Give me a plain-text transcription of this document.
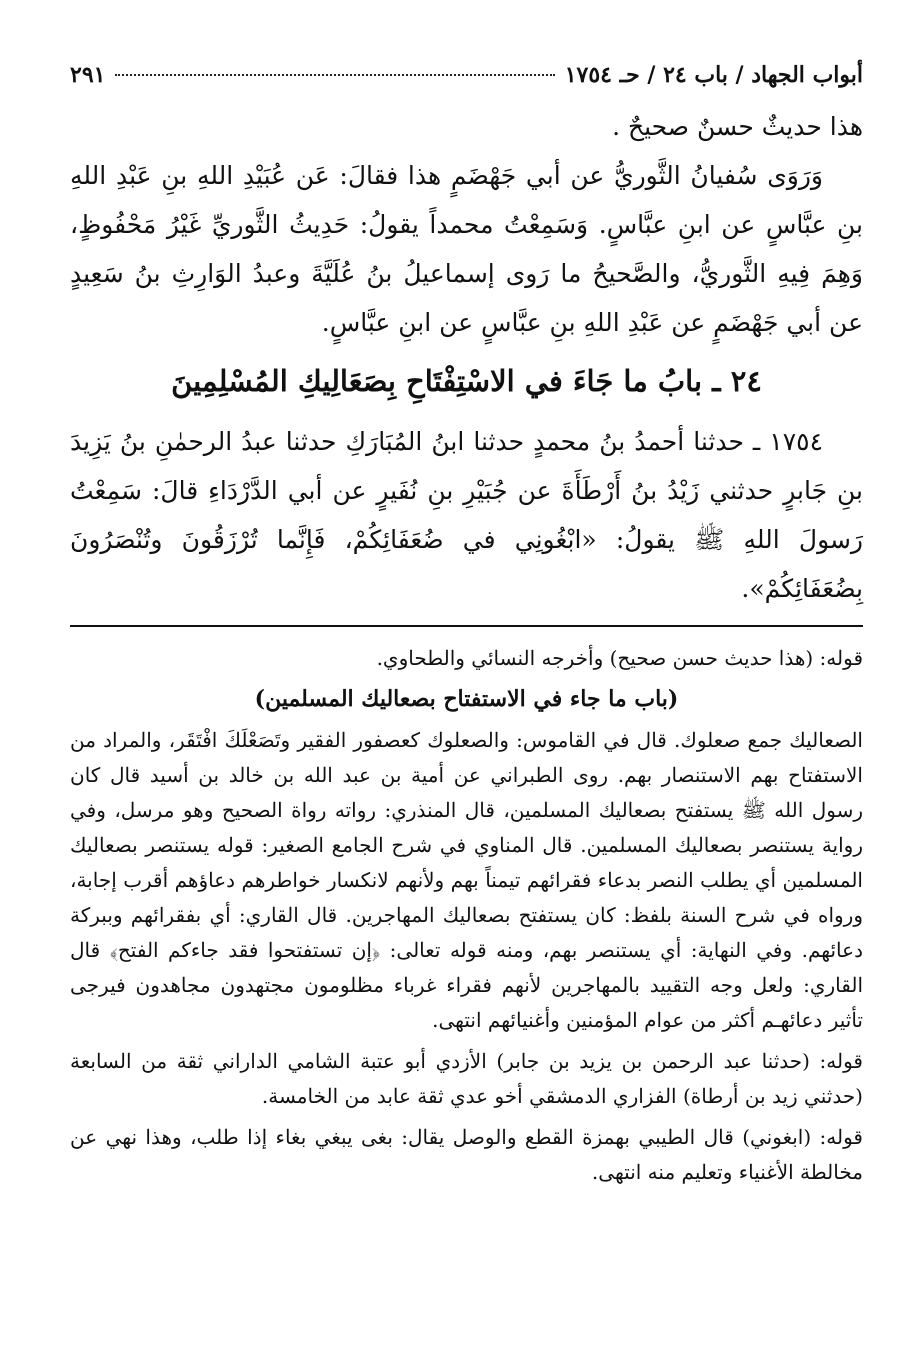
أبواب الجهاد / باب ٢٤ / حـ ١٧٥٤
٢٩١

هذا حديثٌ حسنٌ صحيحٌ .

وَرَوَى سُفيانُ الثَّوريُّ عن أبي جَهْضَمٍ هذا فقالَ: عَن عُبَيْدِ اللهِ بنِ عَبْدِ اللهِ بنِ عبَّاسٍ عن ابنِ عبَّاسٍ. وَسَمِعْتُ محمداً يقولُ: حَدِيثُ الثَّوريِّ غَيْرُ مَحْفُوظٍ، وَهِمَ فِيهِ الثَّوريُّ، والصَّحيحُ ما رَوى إسماعيلُ بنُ عُلَيَّةَ وعبدُ الوَارِثِ بنُ سَعِيدٍ عن أبي جَهْضَمٍ عن عَبْدِ اللهِ بنِ عبَّاسٍ عن ابنِ عبَّاسٍ.

٢٤ ـ بابُ ما جَاءَ في الاسْتِفْتَاحِ بِصَعَالِيكِ المُسْلِمِينَ

١٧٥٤ ـ حدثنا أحمدُ بنُ محمدٍ حدثنا ابنُ المُبَارَكِ حدثنا عبدُ الرحمٰنِ بنُ يَزِيدَ بنِ جَابرٍ حدثني زَيْدُ بنُ أَرْطَأَةَ عن جُبَيْرِ بنِ نُفَيرٍ عن أبي الدَّرْدَاءِ قالَ: سَمِعْتُ رَسولَ اللهِ ﷺ يقولُ: «ابْغُونِي في ضُعَفَائِكُمْ، فَإِنَّما تُرْزَقُونَ وتُنْصَرُونَ بِضُعَفَائِكُمْ».

قوله: (هذا حديث حسن صحيح) وأخرجه النسائي والطحاوي.

(باب ما جاء في الاستفتاح بصعاليك المسلمين)

الصعاليك جمع صعلوك. قال في القاموس: والصعلوك كعصفور الفقير وتَصَعْلَكَ افْتَقَر، والمراد من الاستفتاح بهم الاستنصار بهم. روى الطبراني عن أمية بن عبد الله بن خالد بن أسيد قال كان رسول الله ﷺ يستفتح بصعاليك المسلمين، قال المنذري: رواته رواة الصحيح وهو مرسل، وفي رواية يستنصر بصعاليك المسلمين. قال المناوي في شرح الجامع الصغير: قوله يستنصر بصعاليك المسلمين أي يطلب النصر بدعاء فقرائهم تيمناً بهم ولأنهم لانكسار خواطرهم دعاؤهم أقرب إجابة، ورواه في شرح السنة بلفظ: كان يستفتح بصعاليك المهاجرين. قال القاري: أي بفقرائهم وببركة دعائهم. وفي النهاية: أي يستنصر بهم، ومنه قوله تعالى: ﴿إن تستفتحوا فقد جاءكم الفتح﴾ قال القاري: ولعل وجه التقييد بالمهاجرين لأنهم فقراء غرباء مظلومون مجتهدون مجاهدون فيرجى تأثير دعائهـم أكثر من عوام المؤمنين وأغنيائهم انتهى.

قوله: (حدثنا عبد الرحمن بن يزيد بن جابر) الأزدي أبو عتبة الشامي الداراني ثقة من السابعة (حدثني زيد بن أرطاة) الفزاري الدمشقي أخو عدي ثقة عابد من الخامسة.

قوله: (ابغوني) قال الطيبي بهمزة القطع والوصل يقال: بغى يبغي بغاء إذا طلب، وهذا نهي عن مخالطة الأغنياء وتعليم منه انتهى.
